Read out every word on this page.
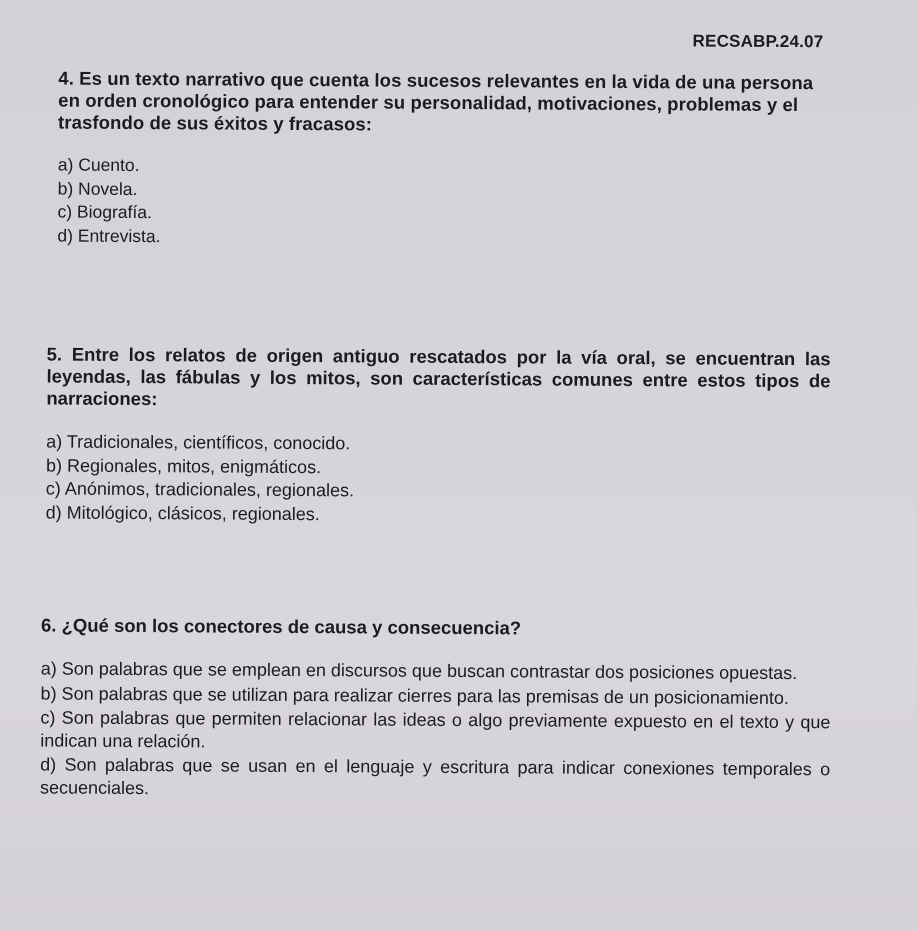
RECSABP.24.07

4. Es un texto narrativo que cuenta los sucesos relevantes en la vida de una persona en orden cronológico para entender su personalidad, motivaciones, problemas y el trasfondo de sus éxitos y fracasos:

a) Cuento.
b) Novela.
c) Biografía.
d) Entrevista.

5. Entre los relatos de origen antiguo rescatados por la vía oral, se encuentran las leyendas, las fábulas y los mitos, son características comunes entre estos tipos de narraciones:

a) Tradicionales, científicos, conocido.
b) Regionales, mitos, enigmáticos.
c) Anónimos, tradicionales, regionales.
d) Mitológico, clásicos, regionales.

6. ¿Qué son los conectores de causa y consecuencia?

a) Son palabras que se emplean en discursos que buscan contrastar dos posiciones opuestas.
b) Son palabras que se utilizan para realizar cierres para las premisas de un posicionamiento.
c) Son palabras que permiten relacionar las ideas o algo previamente expuesto en el texto y que indican una relación.
d) Son palabras que se usan en el lenguaje y escritura para indicar conexiones temporales o secuenciales.
